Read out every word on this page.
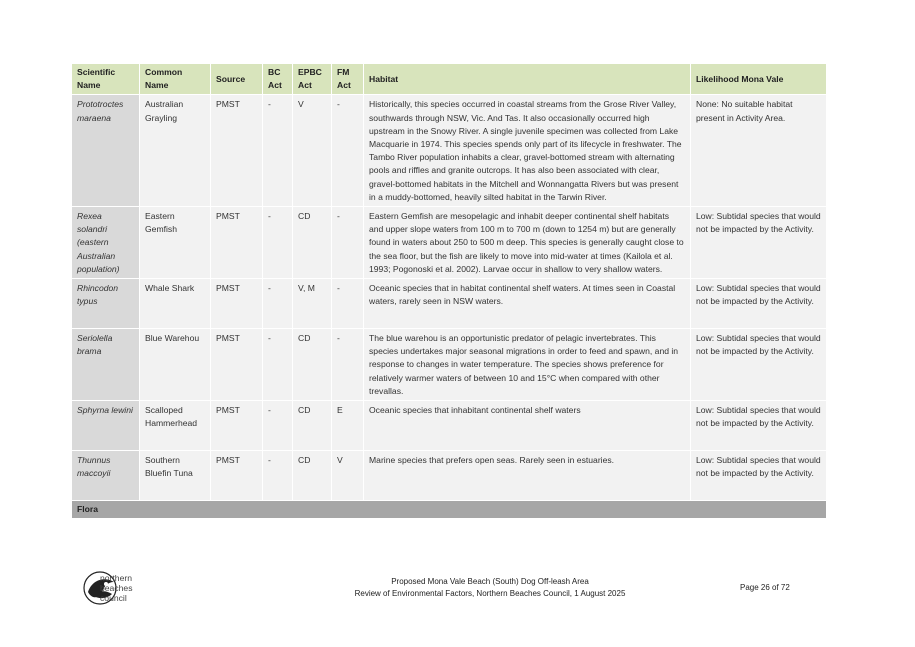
Scientific Name	Common Name	Source	BC Act	EPBC Act	FM Act	Habitat	Likelihood Mona Vale
Prototroctes maraena	Australian Grayling	PMST	-	V	-	Historically, this species occurred in coastal streams from the Grose River Valley, southwards through NSW, Vic. And Tas. It also occasionally occurred high upstream in the Snowy River. A single juvenile specimen was collected from Lake Macquarie in 1974. This species spends only part of its lifecycle in freshwater. The Tambo River population inhabits a clear, gravel-bottomed stream with alternating pools and riffles and granite outcrops. It has also been associated with clear, gravel-bottomed habitats in the Mitchell and Wonnangatta Rivers but was present in a muddy-bottomed, heavily silted habitat in the Tarwin River.	None: No suitable habitat present in Activity Area.
Rexea solandri (eastern Australian population)	Eastern Gemfish	PMST	-	CD	-	Eastern Gemfish are mesopelagic and inhabit deeper continental shelf habitats and upper slope waters from 100 m to 700 m (down to 1254 m) but are generally found in waters about 250 to 500 m deep. This species is generally caught close to the sea floor, but the fish are likely to move into mid-water at times (Kailola et al. 1993; Pogonoski et al. 2002). Larvae occur in shallow to very shallow waters.	Low: Subtidal species that would not be impacted by the Activity.
Rhincodon typus	Whale Shark	PMST	-	V, M	-	Oceanic species that in habitat continental shelf waters. At times seen in Coastal waters, rarely seen in NSW waters.	Low: Subtidal species that would not be impacted by the Activity.
Seriolella brama	Blue Warehou	PMST	-	CD	-	The blue warehou is an opportunistic predator of pelagic invertebrates. This species undertakes major seasonal migrations in order to feed and spawn, and in response to changes in water temperature. The species shows preference for relatively warmer waters of between 10 and 15°C when compared with other trevallas.	Low: Subtidal species that would not be impacted by the Activity.
Sphyrna lewini	Scalloped Hammerhead	PMST	-	CD	E	Oceanic species that inhabitant continental shelf waters	Low: Subtidal species that would not be impacted by the Activity.
Thunnus maccoyii	Southern Bluefin Tuna	PMST	-	CD	V	Marine species that prefers open seas. Rarely seen in estuaries.	Low: Subtidal species that would not be impacted by the Activity.
Flora							
northern
beaches
council
Proposed Mona Vale Beach (South) Dog Off-leash Area
Review of Environmental Factors, Northern Beaches Council, 1 August 2025
Page 26 of 72
